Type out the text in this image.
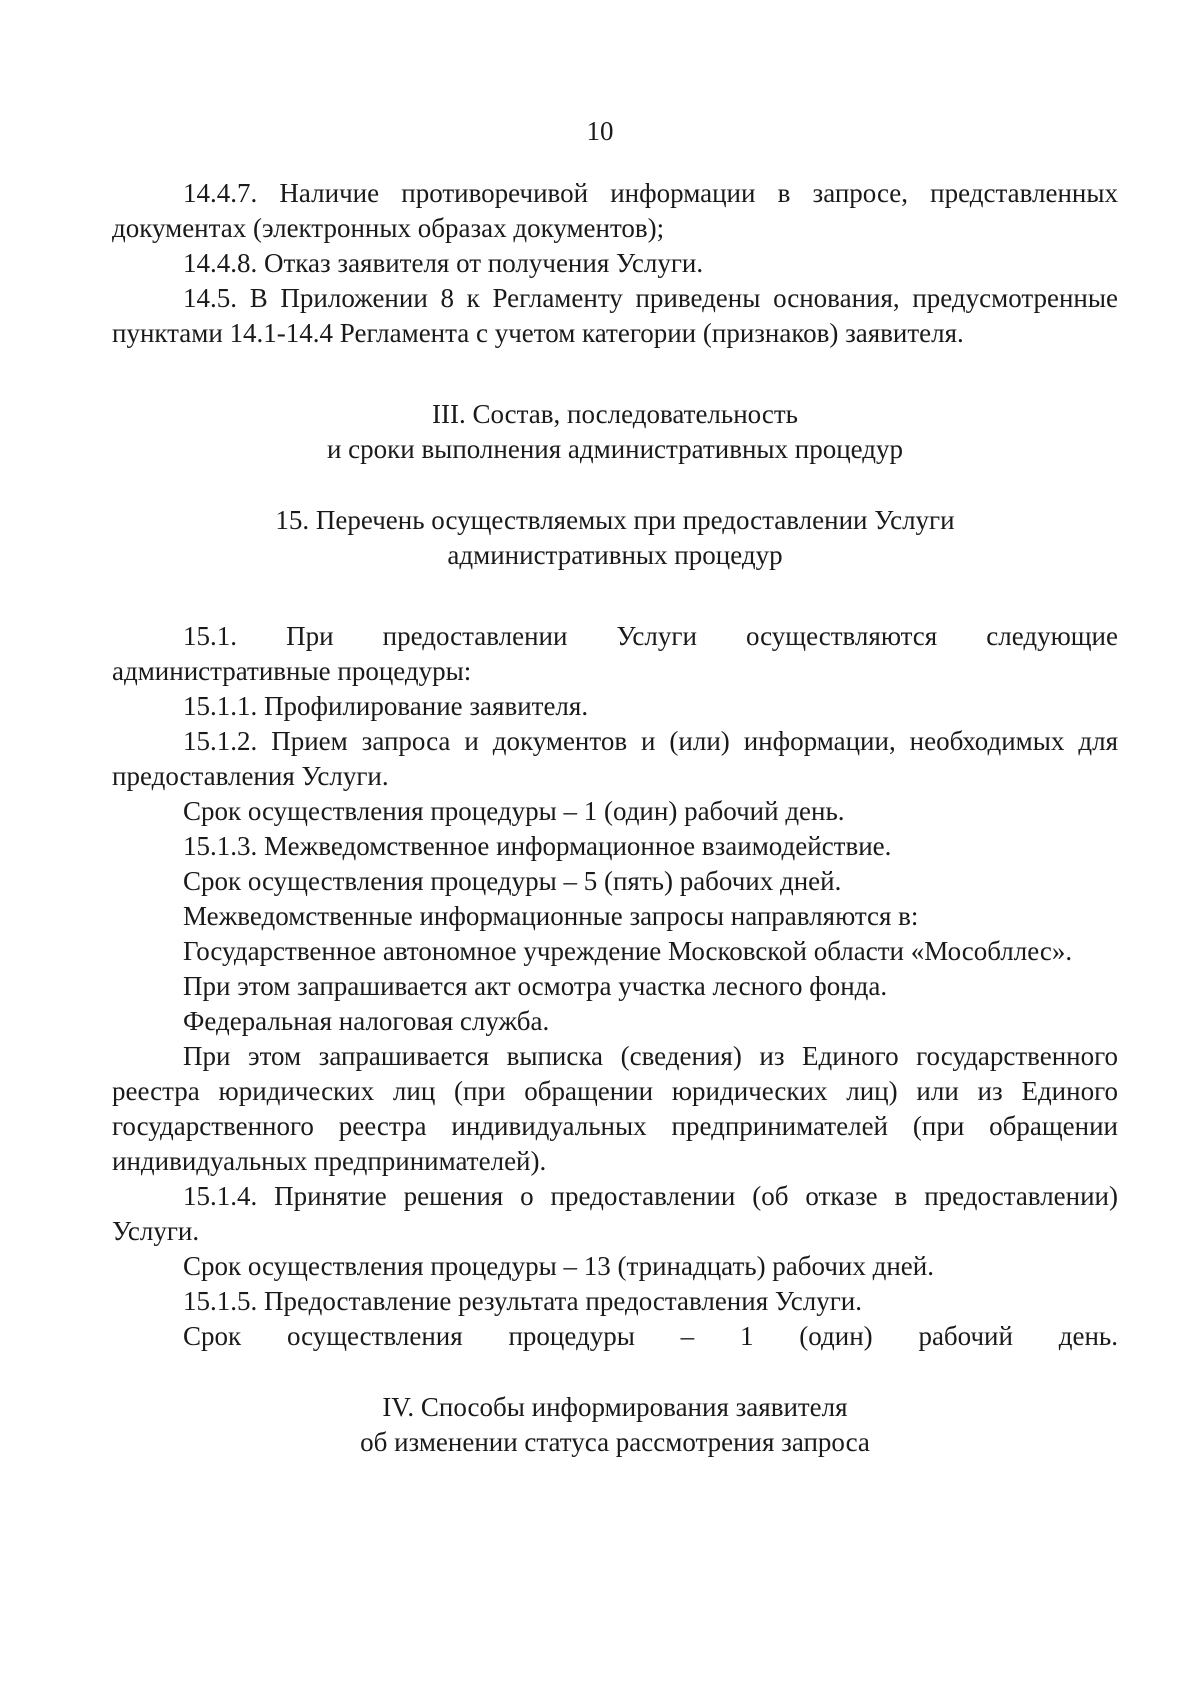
10

14.4.7. Наличие противоречивой информации в запросе, представленных документах (электронных образах документов);

14.4.8. Отказ заявителя от получения Услуги.

14.5. В Приложении 8 к Регламенту приведены основания, предусмотренные пунктами 14.1-14.4 Регламента с учетом категории (признаков) заявителя.

III. Состав, последовательность

и сроки выполнения административных процедур

15. Перечень осуществляемых при предоставлении Услуги

административных процедур

15.1. При предоставлении Услуги осуществляются следующие административные процедуры:

15.1.1. Профилирование заявителя.

15.1.2. Прием запроса и документов и (или) информации, необходимых для предоставления Услуги.

Срок осуществления процедуры – 1 (один) рабочий день.

15.1.3. Межведомственное информационное взаимодействие.

Срок осуществления процедуры – 5 (пять) рабочих дней.

Межведомственные информационные запросы направляются в:

Государственное автономное учреждение Московской области «Мособллес».

При этом запрашивается акт осмотра участка лесного фонда.

Федеральная налоговая служба.

При этом запрашивается выписка (сведения) из Единого государственного реестра юридических лиц (при обращении юридических лиц) или из Единого государственного реестра индивидуальных предпринимателей (при обращении индивидуальных предпринимателей).

15.1.4. Принятие решения о предоставлении (об отказе в предоставлении) Услуги.

Срок осуществления процедуры – 13 (тринадцать) рабочих дней.

15.1.5. Предоставление результата предоставления Услуги.

Срок осуществления процедуры – 1 (один) рабочий день.

IV. Способы информирования заявителя

об изменении статуса рассмотрения запроса
